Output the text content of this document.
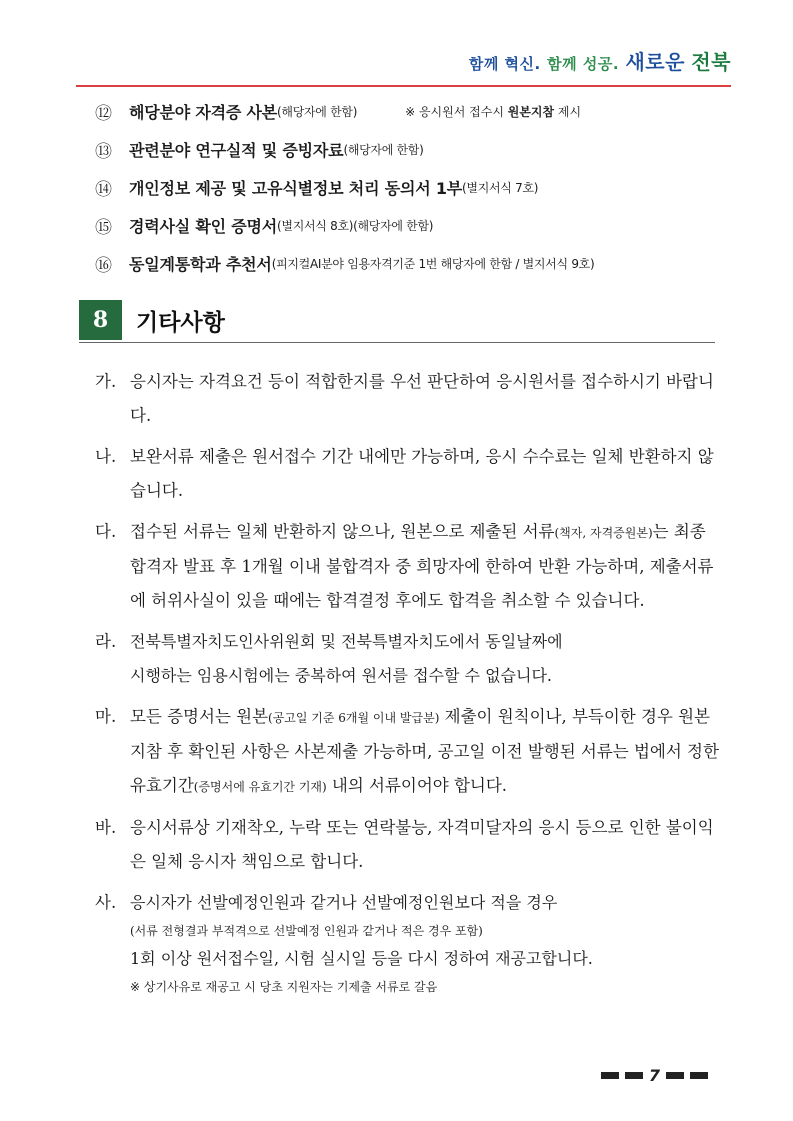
함께 혁신. 함께 성공. 새로운 전북
⑫	해당분야 자격증 사본 (해당자에 한함)	※ 응시원서 접수시 원본지참 제시
⑬	관련분야 연구실적 및 증빙자료 (해당자에 한함)
⑭	개인정보 제공 및 고유식별정보 처리 동의서 1부 (별지서식 7호)
⑮	경력사실 확인 증명서 (별지서식 8호)(해당자에 한함)
⑯	동일계통학과 추천서 (피지컬AI분야 임용자격기준 1번 해당자에 한함 / 별지서식 9호)
8	기타사항
가. 응시자는 자격요건 등이 적합한지를 우선 판단하여 응시원서를 접수하시기 바랍니다.
나. 보완서류 제출은 원서접수 기간 내에만 가능하며, 응시 수수료는 일체 반환하지 않습니다.
다. 접수된 서류는 일체 반환하지 않으나, 원본으로 제출된 서류(책자, 자격증원본)는 최종합격자 발표 후 1개월 이내 불합격자 중 희망자에 한하여 반환 가능하며, 제출서류에 허위사실이 있을 때에는 합격결정 후에도 합격을 취소할 수 있습니다.
라. 전북특별자치도인사위원회 및 전북특별자치도에서 동일날짜에
시행하는 임용시험에는 중복하여 원서를 접수할 수 없습니다.
마. 모든 증명서는 원본(공고일 기준 6개월 이내 발급분) 제출이 원칙이나, 부득이한 경우 원본지참 후 확인된 사항은 사본제출 가능하며, 공고일 이전 발행된 서류는 법에서 정한 유효기간(증명서에 유효기간 기재) 내의 서류이어야 합니다.
바. 응시서류상 기재착오, 누락 또는 연락불능, 자격미달자의 응시 등으로 인한 불이익은 일체 응시자 책임으로 합니다.
사. 응시자가 선발예정인원과 같거나 선발예정인원보다 적을 경우
(서류 전형결과 부적격으로 선발예정 인원과 같거나 적은 경우 포함)
1회 이상 원서접수일, 시험 실시일 등을 다시 정하여 재공고합니다.
※ 상기사유로 재공고 시 당초 지원자는 기제출 서류로 갈음
7
